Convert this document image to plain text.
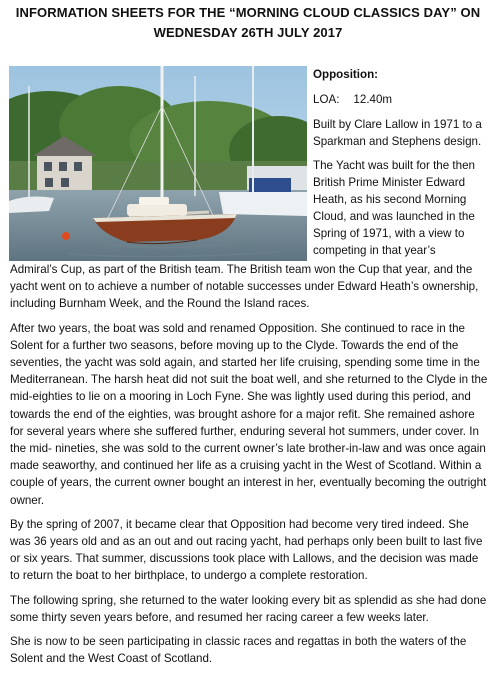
INFORMATION SHEETS FOR THE “MORNING CLOUD CLASSICS DAY” ON
WEDNESDAY 26TH JULY 2017

Opposition:

LOA: 12.40m

Built by Clare Lallow in 1971 to a Sparkman and Stephens design.

The Yacht was built for the then British Prime Minister Edward Heath, as his second Morning Cloud, and was launched in the Spring of 1971, with a view to competing in that year’s

Admiral’s Cup, as part of the British team. The British team won the Cup that year, and the yacht went on to achieve a number of notable successes under Edward Heath’s ownership, including Burnham Week, and the Round the Island races.

After two years, the boat was sold and renamed Opposition. She continued to race in the Solent for a further two seasons, before moving up to the Clyde. Towards the end of the seventies, the yacht was sold again, and started her life cruising, spending some time in the Mediterranean. The harsh heat did not suit the boat well, and she returned to the Clyde in the mid-eighties to lie on a mooring in Loch Fyne. She was lightly used during this period, and towards the end of the eighties, was brought ashore for a major refit. She remained ashore for several years where she suffered further, enduring several hot summers, under cover. In the mid- nineties, she was sold to the current owner’s late brother-in-law and was once again made seaworthy, and continued her life as a cruising yacht in the West of Scotland. Within a couple of years, the current owner bought an interest in her, eventually becoming the outright owner.

By the spring of 2007, it became clear that Opposition had become very tired indeed. She was 36 years old and as an out and out racing yacht, had perhaps only been built to last five or six years. That summer, discussions took place with Lallows, and the decision was made to return the boat to her birthplace, to undergo a complete restoration.

The following spring, she returned to the water looking every bit as splendid as she had done some thirty seven years before, and resumed her racing career a few weeks later.

She is now to be seen participating in classic races and regattas in both the waters of the Solent and the West Coast of Scotland.
